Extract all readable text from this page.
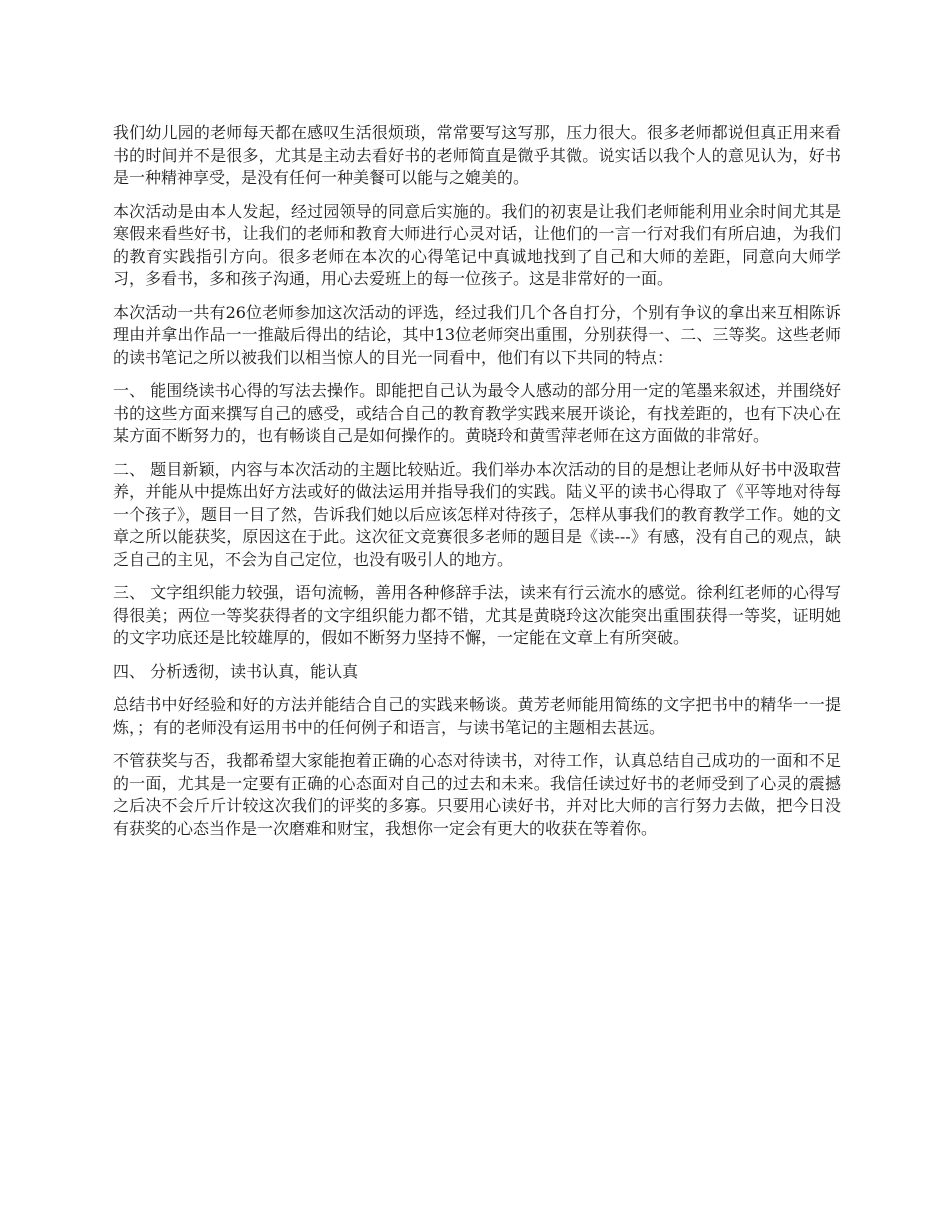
我们幼儿园的老师每天都在感叹生活很烦琐，常常要写这写那，压力很大。很多老师都说但真正用来看书的时间并不是很多，尤其是主动去看好书的老师简直是微乎其微。说实话以我个人的意见认为，好书是一种精神享受，是没有任何一种美餐可以能与之媲美的。

本次活动是由本人发起，经过园领导的同意后实施的。我们的初衷是让我们老师能利用业余时间尤其是寒假来看些好书，让我们的老师和教育大师进行心灵对话，让他们的一言一行对我们有所启迪，为我们的教育实践指引方向。很多老师在本次的心得笔记中真诚地找到了自己和大师的差距，同意向大师学习，多看书，多和孩子沟通，用心去爱班上的每一位孩子。这是非常好的一面。

本次活动一共有26位老师参加这次活动的评选，经过我们几个各自打分，个别有争议的拿出来互相陈诉理由并拿出作品一一推敲后得出的结论，其中13位老师突出重围，分别获得一、二、三等奖。这些老师的读书笔记之所以被我们以相当惊人的目光一同看中，他们有以下共同的特点：

一、 能围绕读书心得的写法去操作。即能把自己认为最令人感动的部分用一定的笔墨来叙述，并围绕好书的这些方面来撰写自己的感受，或结合自己的教育教学实践来展开谈论，有找差距的，也有下决心在某方面不断努力的，也有畅谈自己是如何操作的。黄晓玲和黄雪萍老师在这方面做的非常好。

二、 题目新颖，内容与本次活动的主题比较贴近。我们举办本次活动的目的是想让老师从好书中汲取营养，并能从中提炼出好方法或好的做法运用并指导我们的实践。陆义平的读书心得取了《平等地对待每一个孩子》，题目一目了然，告诉我们她以后应该怎样对待孩子，怎样从事我们的教育教学工作。她的文章之所以能获奖，原因这在于此。这次征文竞赛很多老师的题目是《读---》有感，没有自己的观点，缺乏自己的主见，不会为自己定位，也没有吸引人的地方。

三、 文字组织能力较强，语句流畅，善用各种修辞手法，读来有行云流水的感觉。徐利红老师的心得写得很美；两位一等奖获得者的文字组织能力都不错，尤其是黄晓玲这次能突出重围获得一等奖，证明她的文字功底还是比较雄厚的，假如不断努力坚持不懈，一定能在文章上有所突破。

四、 分析透彻，读书认真，能认真

总结书中好经验和好的方法并能结合自己的实践来畅谈。黄芳老师能用简练的文字把书中的精华一一提炼，；有的老师没有运用书中的任何例子和语言，与读书笔记的主题相去甚远。

不管获奖与否，我都希望大家能抱着正确的心态对待读书，对待工作，认真总结自己成功的一面和不足的一面，尤其是一定要有正确的心态面对自己的过去和未来。我信任读过好书的老师受到了心灵的震撼之后决不会斤斤计较这次我们的评奖的多寡。只要用心读好书，并对比大师的言行努力去做，把今日没有获奖的心态当作是一次磨难和财宝，我想你一定会有更大的收获在等着你。
